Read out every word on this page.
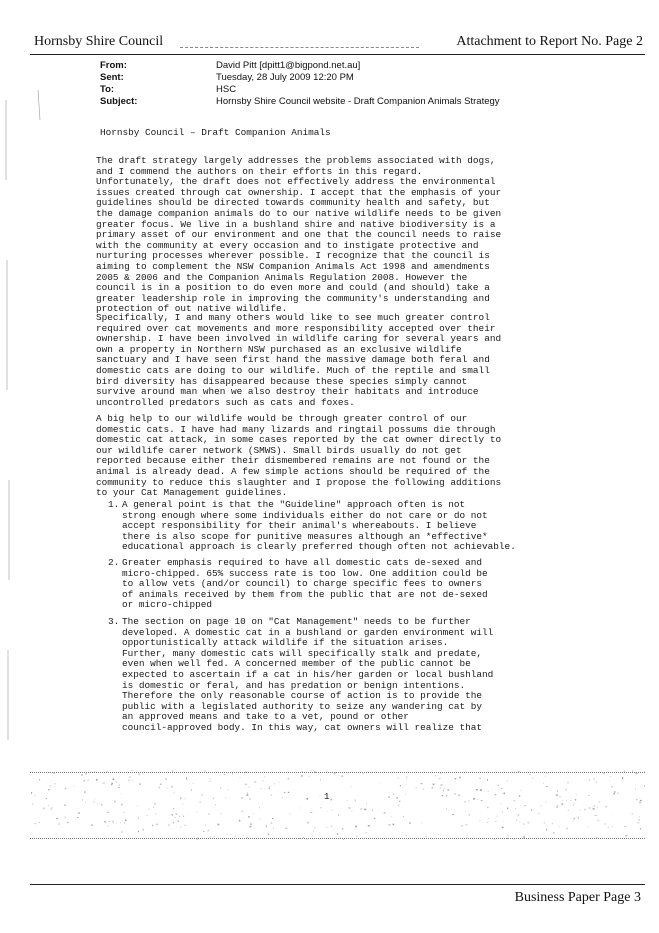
Hornsby Shire Council	Attachment to Report No. Page 2
From:	David Pitt [dpitt1@bigpond.net.au]
Sent:	Tuesday, 28 July 2009 12:20 PM
To:	HSC
Subject:	Hornsby Shire Council website - Draft Companion Animals Strategy
Hornsby Council – Draft Companion Animals

The draft strategy largely addresses the problems associated with dogs,
and I commend the authors on their efforts in this regard.
Unfortunately, the draft does not effectively address the environmental
issues created through cat ownership. I accept that the emphasis of your
guidelines should be directed towards community health and safety, but
the damage companion animals do to our native wildlife needs to be given
greater focus. We live in a bushland shire and native biodiversity is a
primary asset of our environment and one that the council needs to raise
with the community at every occasion and to instigate protective and
nurturing processes wherever possible. I recognize that the council is
aiming to complement the NSW Companion Animals Act 1998 and amendments
2005 & 2006 and the Companion Animals Regulation 2008. However the
council is in a position to do even more and could (and should) take a
greater leadership role in improving the community's understanding and
protection of out native wildlife.

Specifically, I and many others would like to see much greater control
required over cat movements and more responsibility accepted over their
ownership. I have been involved in wildlife caring for several years and
own a property in Northern NSW purchased as an exclusive wildlife
sanctuary and I have seen first hand the massive damage both feral and
domestic cats are doing to our wildlife. Much of the reptile and small
bird diversity has disappeared because these species simply cannot
survive around man when we also destroy their habitats and introduce
uncontrolled predators such as cats and foxes.

A big help to our wildlife would be through greater control of our
domestic cats. I have had many lizards and ringtail possums die through
domestic cat attack, in some cases reported by the cat owner directly to
our wildlife carer network (SMWS). Small birds usually do not get
reported because either their dismembered remains are not found or the
animal is already dead. A few simple actions should be required of the
community to reduce this slaughter and I propose the following additions
to your Cat Management guidelines.

1. A general point is that the "Guideline" approach often is not
strong enough where some individuals either do not care or do not
accept responsibility for their animal's whereabouts. I believe
there is also scope for punitive measures although an *effective*
educational approach is clearly preferred though often not achievable.
2. Greater emphasis required to have all domestic cats de-sexed and
micro-chipped. 65% success rate is too low. One addition could be
to allow vets (and/or council) to charge specific fees to owners
of animals received by them from the public that are not de-sexed
or micro-chipped
3. The section on page 10 on "Cat Management" needs to be further
developed. A domestic cat in a bushland or garden environment will
opportunistically attack wildlife if the situation arises.
Further, many domestic cats will specifically stalk and predate,
even when well fed. A concerned member of the public cannot be
expected to ascertain if a cat in his/her garden or local bushland
is domestic or feral, and has predation or benign intentions.
Therefore the only reasonable course of action is to provide the
public with a legislated authority to seize any wandering cat by
an approved means and take to a vet, pound or other
council-approved body. In this way, cat owners will realize that
1
Business Paper Page 3
